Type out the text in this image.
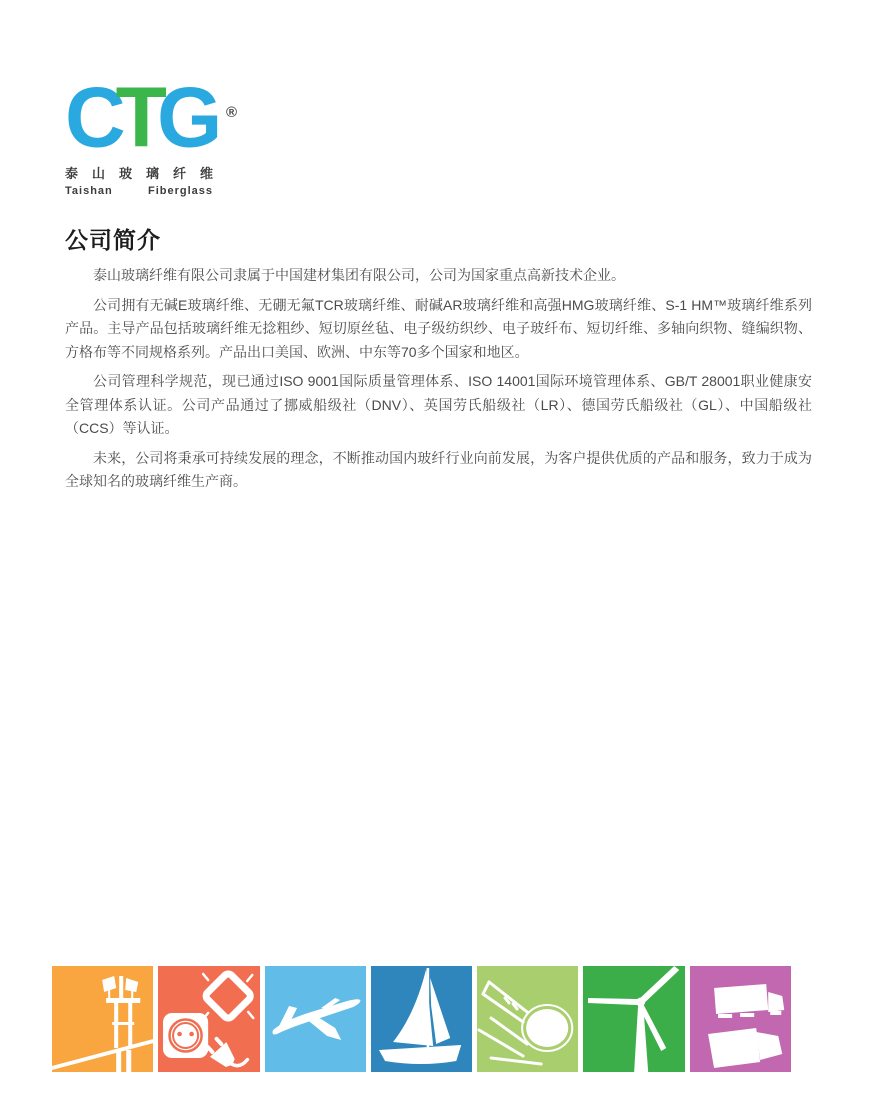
CTG ®
泰山玻璃纤维
Taishan Fiberglass
公司简介

泰山玻璃纤维有限公司隶属于中国建材集团有限公司，公司为国家重点高新技术企业。

公司拥有无碱E玻璃纤维、无硼无氟TCR玻璃纤维、耐碱AR玻璃纤维和高强HMG玻璃纤维、S-1 HM™玻璃纤维系列产品。主导产品包括玻璃纤维无捻粗纱、短切原丝毡、电子级纺织纱、电子玻纤布、短切纤维、多轴向织物、缝编织物、方格布等不同规格系列。产品出口美国、欧洲、中东等70多个国家和地区。

公司管理科学规范，现已通过ISO 9001国际质量管理体系、ISO 14001国际环境管理体系、GB/T 28001职业健康安全管理体系认证。公司产品通过了挪威船级社（DNV）、英国劳氏船级社（LR）、德国劳氏船级社（GL）、中国船级社（CCS）等认证。

未来，公司将秉承可持续发展的理念，不断推动国内玻纤行业向前发展，为客户提供优质的产品和服务，致力于成为全球知名的玻璃纤维生产商。
